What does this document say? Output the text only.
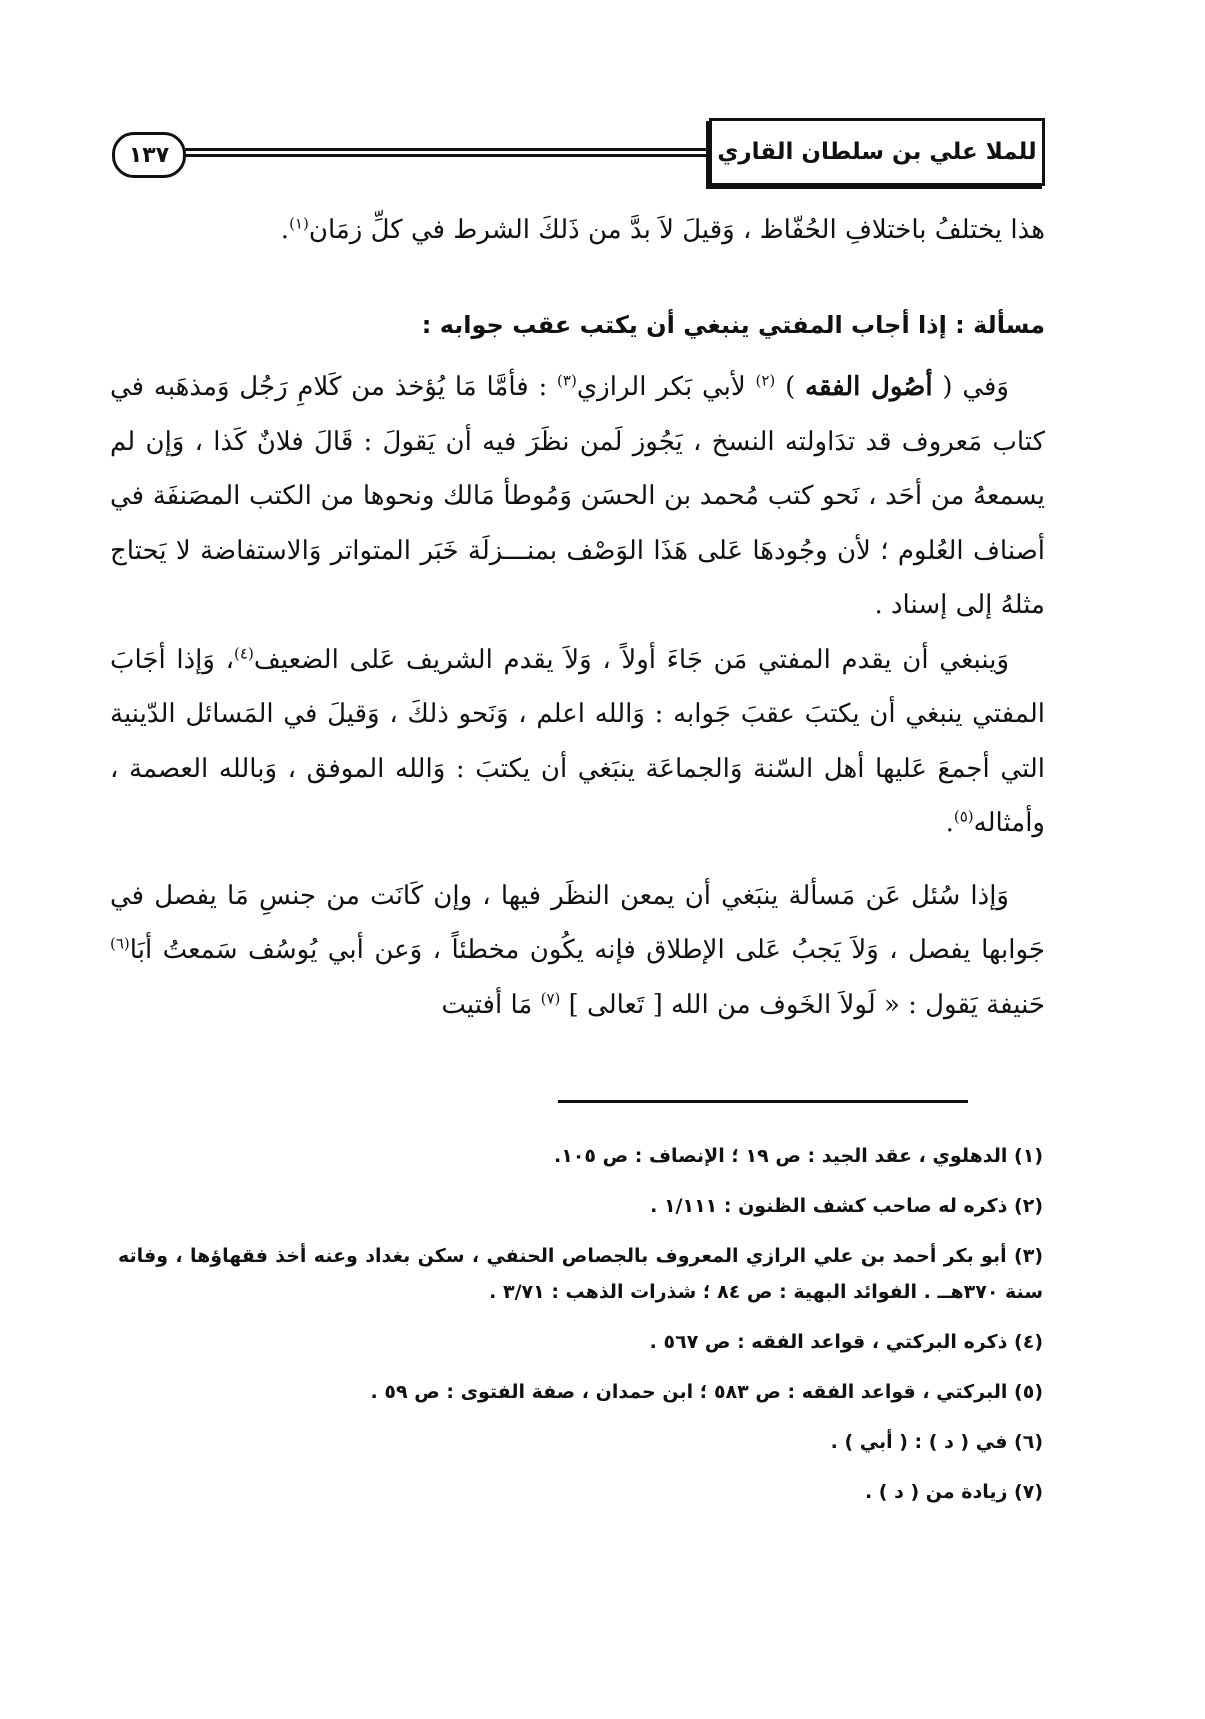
١٣٧	للملا علي بن سلطان القاري

هذا يختلفُ باختلافِ الحُفّاظ ، وَقيلَ لاَ بدَّ من ذَلكَ الشرط في كلِّ زمَان$^{(١)}$.

مسألة : إذا أجاب المفتي ينبغي أن يكتب عقب جوابه :

وَفي ( أصُول الفقه ) $^{(٢)}$ لأبي بَكر الرازي$^{(٣)}$ : فأمَّا مَا يُؤخذ من كَلامِ رَجُل وَمذهَبه في كتاب مَعروف قد تدَاولته النسخ ، يَجُوز لَمن نظَرَ فيه أن يَقولَ : قَالَ فلانٌ كَذا ، وَإن لم يسمعهُ من أحَد ، نَحو كتب مُحمد بن الحسَن وَمُوطأ مَالك ونحوها من الكتب المصَنفَة في أصناف العُلوم ؛ لأن وجُودهَا عَلى هَذَا الوَصْف بمنـــزلَة خَبَر المتواتر وَالاستفاضة لا يَحتاج مثلهُ إلى إسناد .

وَينبغي أن يقدم المفتي مَن جَاءَ أولاً ، وَلاَ يقدم الشريف عَلى الضعيف$^{(٤)}$، وَإذا أجَابَ المفتي ينبغي أن يكتبَ عقبَ جَوابه : وَالله اعلم ، وَنَحو ذلكَ ، وَقيلَ في المَسائل الدّينية التي أجمعَ عَليها أهل السّنة وَالجماعَة ينبَغي أن يكتبَ : وَالله الموفق ، وَبالله العصمة ، وأمثاله$^{(٥)}$.

وَإذا سُئل عَن مَسألة ينبَغي أن يمعن النظَر فيها ، وإن كَانَت من جنسِ مَا يفصل في جَوابها يفصل ، وَلاَ يَجبُ عَلى الإطلاق فإنه يكُون مخطئاً ، وَعن أبي يُوسُف سَمعتُ أبَا$^{(٦)}$ حَنيفة يَقول : « لَولاَ الخَوف من الله [ تَعالى ] $^{(٧)}$ مَا أفتيت

(١) الدهلوي ، عقد الجيد : ص ١٩ ؛ الإنصاف : ص ١٠٥.
(٢) ذكره له صاحب كشف الظنون : ١/١١١ .
(٣) أبو بكر أحمد بن علي الرازي المعروف بالجصاص الحنفي ، سكن بغداد وعنه أخذ فقهاؤها ، وفاته سنة ٣٧٠هــ . الفوائد البهية : ص ٨٤ ؛ شذرات الذهب : ٣/٧١ .
(٤) ذكره البركتي ، قواعد الفقه : ص ٥٦٧ .
(٥) البركتي ، قواعد الفقه : ص ٥٨٣ ؛ ابن حمدان ، صفة الفتوى : ص ٥٩ .
(٦) في ( د ) : ( أبي ) .
(٧) زيادة من ( د ) .
